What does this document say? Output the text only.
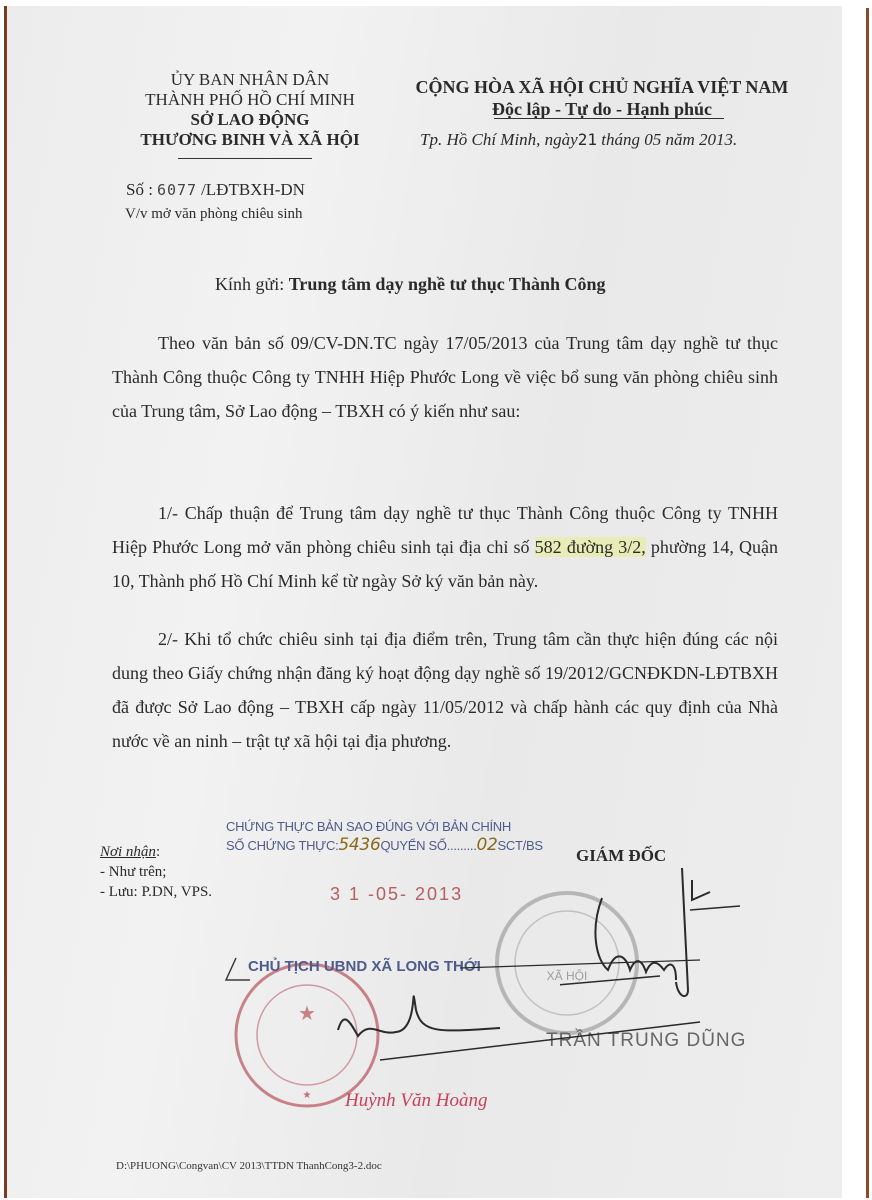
ỦY BAN NHÂN DÂN
THÀNH PHỐ HỒ CHÍ MINH
SỞ LAO ĐỘNG
THƯƠNG BINH VÀ XÃ HỘI
Số : 6077 /LĐTBXH-DN
V/v mở văn phòng chiêu sinh
CỘNG HÒA XÃ HỘI CHỦ NGHĨA VIỆT NAM
Độc lập - Tự do - Hạnh phúc
Tp. Hồ Chí Minh, ngày21 tháng 05 năm 2013.
Kính gửi: Trung tâm dạy nghề tư thục Thành Công

Theo văn bản số 09/CV-DN.TC ngày 17/05/2013 của Trung tâm dạy nghề tư thục Thành Công thuộc Công ty TNHH Hiệp Phước Long về việc bổ sung văn phòng chiêu sinh của Trung tâm, Sở Lao động – TBXH có ý kiến như sau:

1/- Chấp thuận để Trung tâm dạy nghề tư thục Thành Công thuộc Công ty TNHH Hiệp Phước Long mở văn phòng chiêu sinh tại địa chỉ số 582 đường 3/2, phường 14, Quận 10, Thành phố Hồ Chí Minh kể từ ngày Sở ký văn bản này.

2/- Khi tổ chức chiêu sinh tại địa điểm trên, Trung tâm cần thực hiện đúng các nội dung theo Giấy chứng nhận đăng ký hoạt động dạy nghề số 19/2012/GCNĐKDN-LĐTBXH đã được Sở Lao động – TBXH cấp ngày 11/05/2012 và chấp hành các quy định của Nhà nước về an ninh – trật tự xã hội tại địa phương.

Nơi nhận:
- Như trên;
- Lưu: P.DN, VPS.
CHỨNG THỰC BẢN SAO ĐÚNG VỚI BẢN CHÍNH
SỐ CHỨNG THỰC:5436QUYỂN SỐ.........02SCT/BS
3 1 -05- 2013
GIÁM ĐỐC
XÃ HỘI
TRẦN TRUNG DŨNG
★
★
CHỦ TỊCH UBND XÃ LONG THỚI
Huỳnh Văn Hoàng
D:\PHUONG\Congvan\CV 2013\TTDN ThanhCong3-2.doc
